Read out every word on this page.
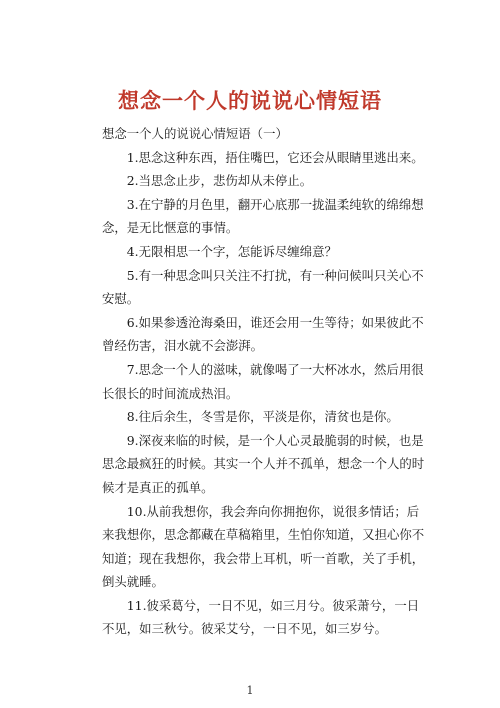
想念一个人的说说心情短语

想念一个人的说说心情短语（一）

1.思念这种东西，捂住嘴巴，它还会从眼睛里逃出来。

2.当思念止步，悲伤却从未停止。

3.在宁静的月色里，翻开心底那一拢温柔纯软的绵绵想念，是无比惬意的事情。

4.无限相思一个字，怎能诉尽缠绵意？

5.有一种思念叫只关注不打扰，有一种问候叫只关心不安慰。

6.如果参透沧海桑田，谁还会用一生等待；如果彼此不曾经伤害，泪水就不会澎湃。

7.思念一个人的滋味，就像喝了一大杯冰水，然后用很长很长的时间流成热泪。

8.往后余生，冬雪是你，平淡是你，清贫也是你。

9.深夜来临的时候，是一个人心灵最脆弱的时候，也是思念最疯狂的时候。其实一个人并不孤单，想念一个人的时候才是真正的孤单。

10.从前我想你，我会奔向你拥抱你，说很多情话；后来我想你，思念都藏在草稿箱里，生怕你知道，又担心你不知道；现在我想你，我会带上耳机，听一首歌，关了手机，倒头就睡。

11.彼采葛兮，一日不见，如三月兮。彼采萧兮，一日不见，如三秋兮。彼采艾兮，一日不见，如三岁兮。

1
